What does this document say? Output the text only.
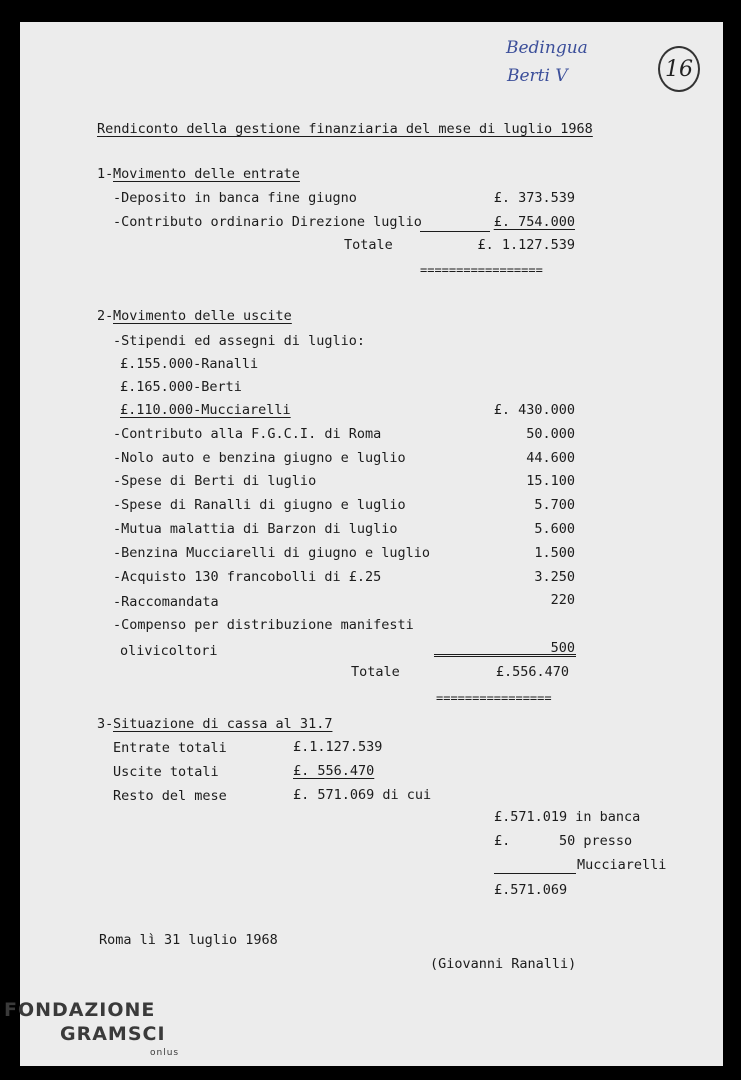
Bedingua
Berti V	16
Rendiconto della gestione finanziaria del mese di luglio 1968
1- Movimento delle entrate
-Deposito in banca fine giugno	£. 373.539
-Contributo ordinario Direzione luglio	£. 754.000
Totale	£. 1.127.539
=================
2- Movimento delle uscite
-Stipendi ed assegni di luglio:
£.155.000-Ranalli
£.165.000-Berti
£.110.000-Mucciarelli	£. 430.000
-Contributo alla F.G.C.I. di Roma	50.000
-Nolo auto e benzina giugno e luglio	44.600
-Spese di Berti di luglio	15.100
-Spese di Ranalli di giugno e luglio	5.700
-Mutua malattia di Barzon di luglio	5.600
-Benzina Mucciarelli di giugno e luglio	1.500
-Acquisto 130 francobolli di £.25	3.250
-Raccomandata	220
-Compenso per distribuzione manifesti
olivicoltori	500
Totale	£.556.470
================
3- Situazione di cassa al 31.7
Entrate totali	£.1.127.539
Uscite totali	£. 556.470
Resto del mese	£. 571.069 di cui
£.571.019 in banca
£.      50 presso
Mucciarelli
£.571.069
Roma lì 31 luglio 1968
(Giovanni Ranalli)
FONDAZIONE
GRAMSCI
onlus
